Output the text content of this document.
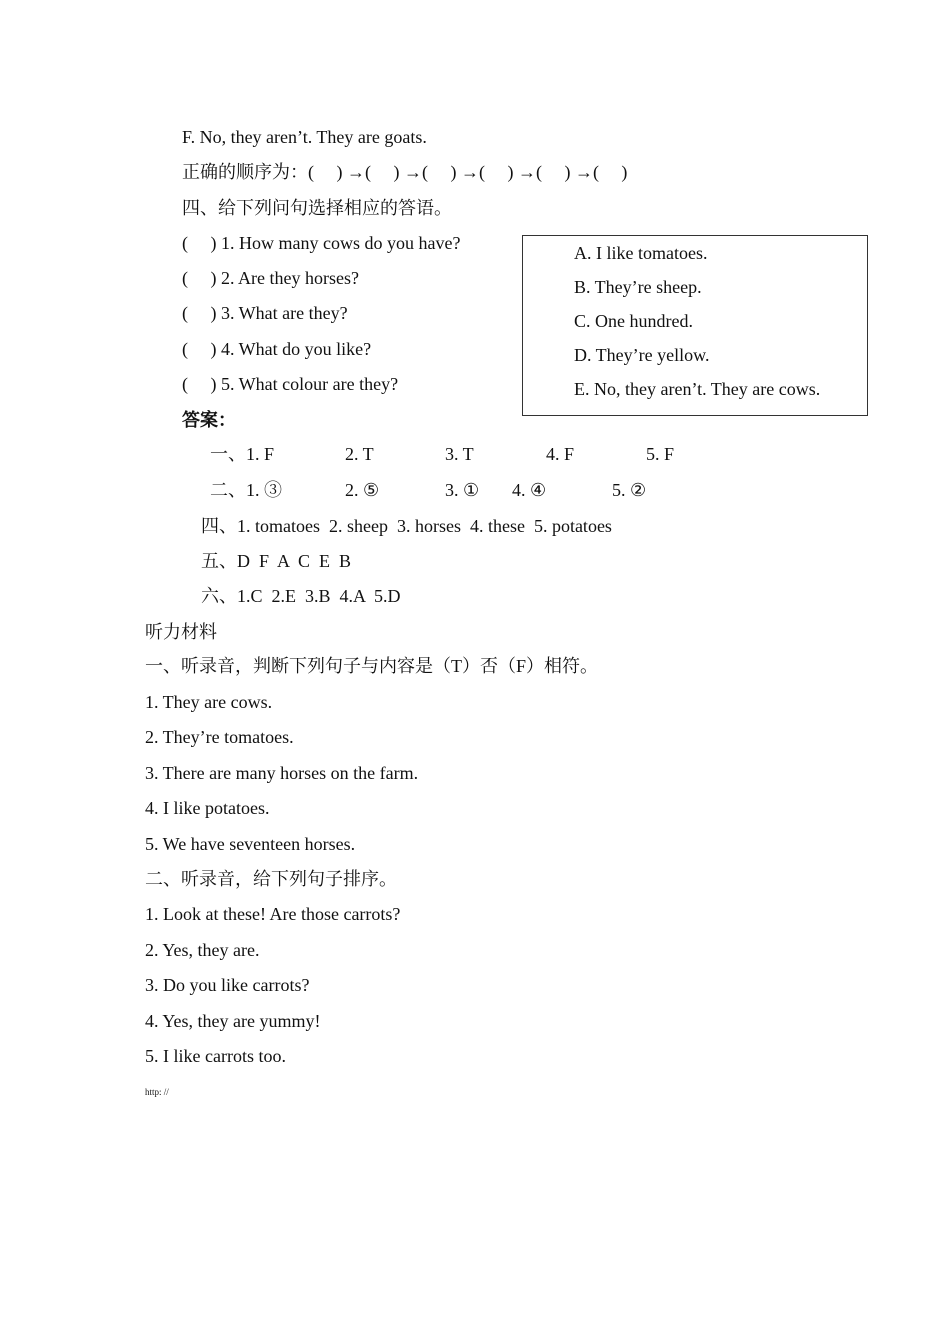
F. No, they aren’t. They are goats.
正确的顺序为：(     ) →(     ) →(     ) →(     ) →(     ) →(     )
四、给下列问句选择相应的答语。
(     ) 1. How many cows do you have?
(     ) 2. Are they horses?
(     ) 3. What are they?
(     ) 4. What do you like?
(     ) 5. What colour are they?
A. I like tomatoes.
B. They’re sheep.
C. One hundred.
D. They’re yellow.
E. No, they aren’t. They are cows.
答案：
一、1. F	2. T	3. T	4. F	5. F
二、1. ③	2. ⑤	3. ① 4. ④	5. ②
四、1. tomatoes  2. sheep  3. horses  4. these  5. potatoes
五、D  F  A  C  E  B
六、1.C  2.E  3.B  4.A  5.D
听力材料
一、听录音，判断下列句子与内容是（T）否（F）相符。
1. They are cows.
2. They’re tomatoes.
3. There are many horses on the farm.
4. I like potatoes.
5. We have seventeen horses.
二、听录音，给下列句子排序。
1. Look at these! Are those carrots?
2. Yes, they are.
3. Do you like carrots?
4. Yes, they are yummy!
5. I like carrots too.
http: //
